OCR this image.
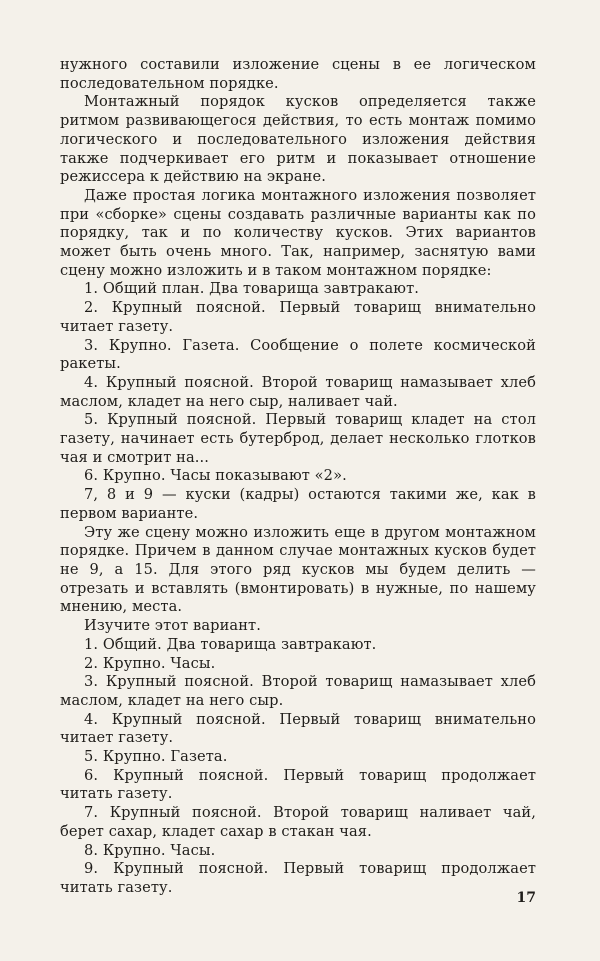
нужного составили изложение сцены в ее логическом последовательном порядке.

Монтажный порядок кусков определяется также ритмом развивающегося действия, то есть монтаж помимо логического и последовательного изложения действия также подчеркивает его ритм и показывает отношение режиссера к действию на экране.

Даже простая логика монтажного изложения позволяет при «сборке» сцены создавать различные варианты как по порядку, так и по количеству кусков. Этих вариантов может быть очень много. Так, например, заснятую вами сцену можно изложить и в таком монтажном порядке:

1. Общий план. Два товарища завтракают.

2. Крупный поясной. Первый товарищ внимательно читает газету.

3. Крупно. Газета. Сообщение о полете космической ракеты.

4. Крупный поясной. Второй товарищ намазывает хлеб маслом, кладет на него сыр, наливает чай.

5. Крупный поясной. Первый товарищ кладет на стол газету, начинает есть бутерброд, делает несколько глотков чая и смотрит на...

6. Крупно. Часы показывают «2».

7, 8 и 9 — куски (кадры) остаются такими же, как в первом варианте.

Эту же сцену можно изложить еще в другом монтажном порядке. Причем в данном случае монтажных кусков будет не 9, а 15. Для этого ряд кусков мы будем делить — отрезать и вставлять (вмонтировать) в нужные, по нашему мнению, места.

Изучите этот вариант.

1. Общий. Два товарища завтракают.

2. Крупно. Часы.

3. Крупный поясной. Второй товарищ намазывает хлеб маслом, кладет на него сыр.

4. Крупный поясной. Первый товарищ внимательно читает газету.

5. Крупно. Газета.

6. Крупный поясной. Первый товарищ продолжает читать газету.

7. Крупный поясной. Второй товарищ наливает чай, берет сахар, кладет сахар в стакан чая.

8. Крупно. Часы.

9. Крупный поясной. Первый товарищ продолжает читать газету.

17
